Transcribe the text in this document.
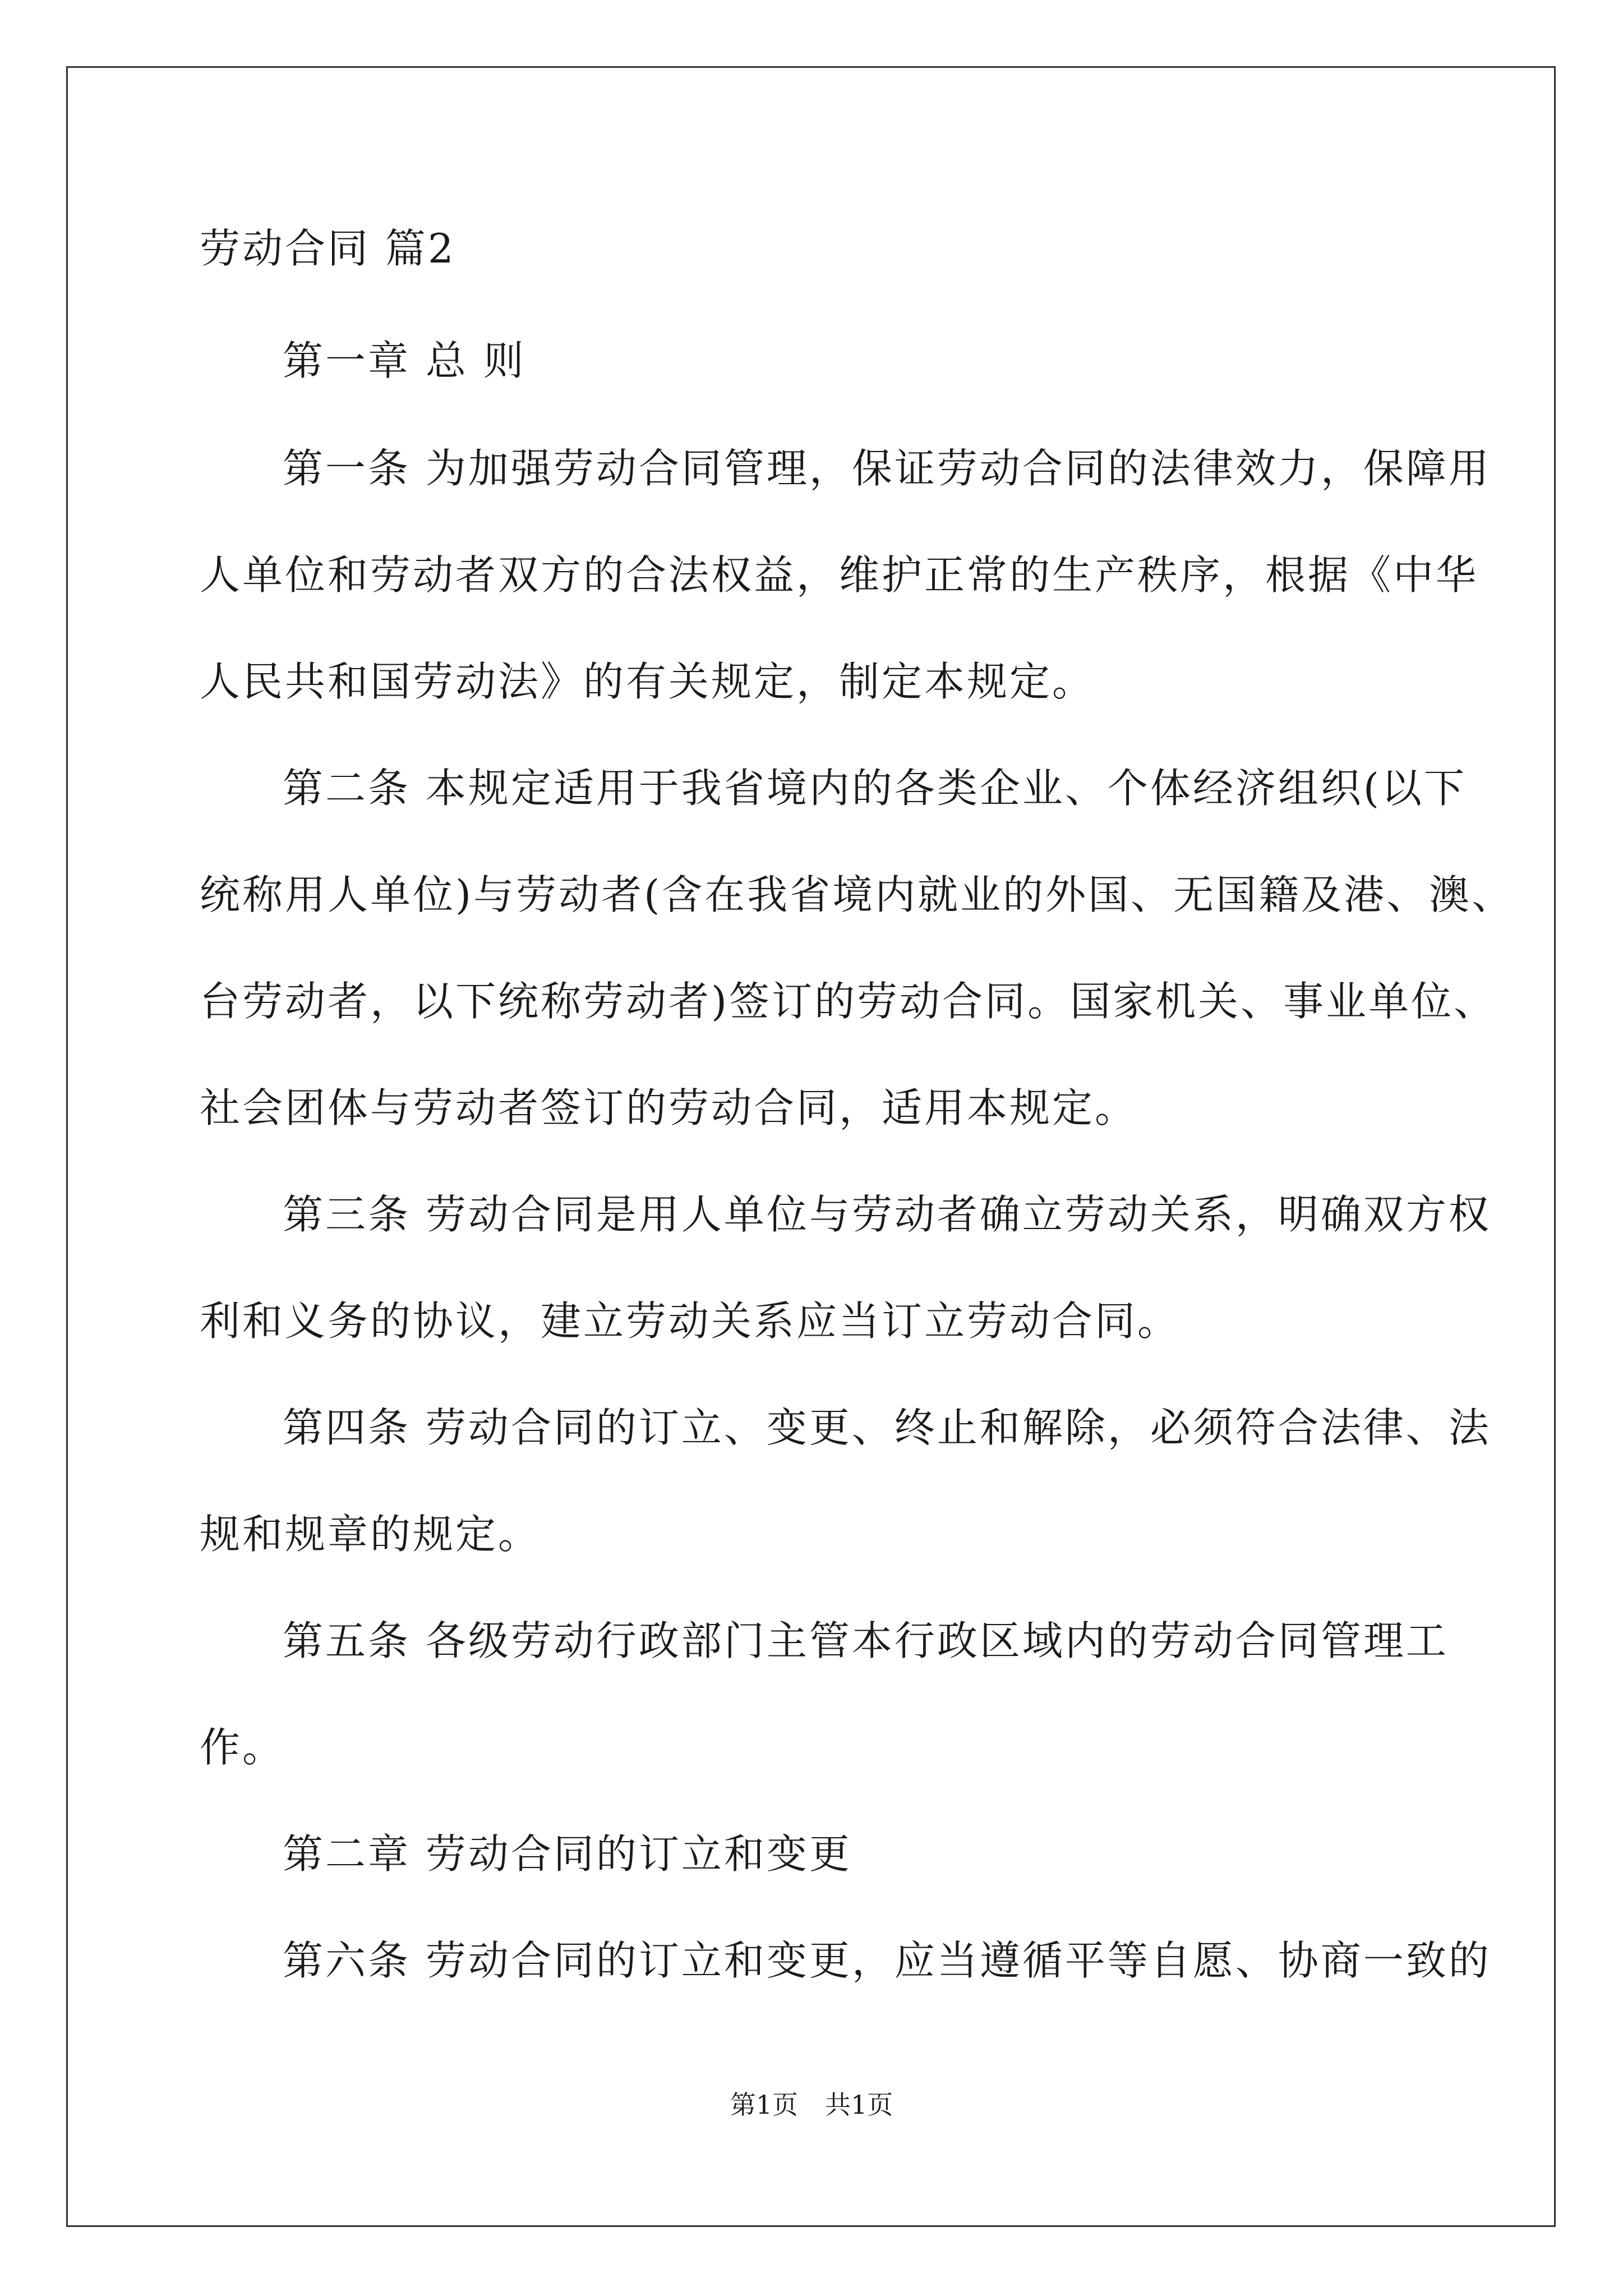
劳动合同 篇2
第一章 总 则
第一条 为加强劳动合同管理，保证劳动合同的法律效力，保障用
人单位和劳动者双方的合法权益，维护正常的生产秩序，根据《中华
人民共和国劳动法》的有关规定，制定本规定。
第二条 本规定适用于我省境内的各类企业、个体经济组织(以下
统称用人单位)与劳动者(含在我省境内就业的外国、无国籍及港、澳、
台劳动者，以下统称劳动者)签订的劳动合同。国家机关、事业单位、
社会团体与劳动者签订的劳动合同，适用本规定。
第三条 劳动合同是用人单位与劳动者确立劳动关系，明确双方权
利和义务的协议，建立劳动关系应当订立劳动合同。
第四条 劳动合同的订立、变更、终止和解除，必须符合法律、法
规和规章的规定。
第五条 各级劳动行政部门主管本行政区域内的劳动合同管理工
作。
第二章 劳动合同的订立和变更
第六条 劳动合同的订立和变更，应当遵循平等自愿、协商一致的
第1页 共1页
